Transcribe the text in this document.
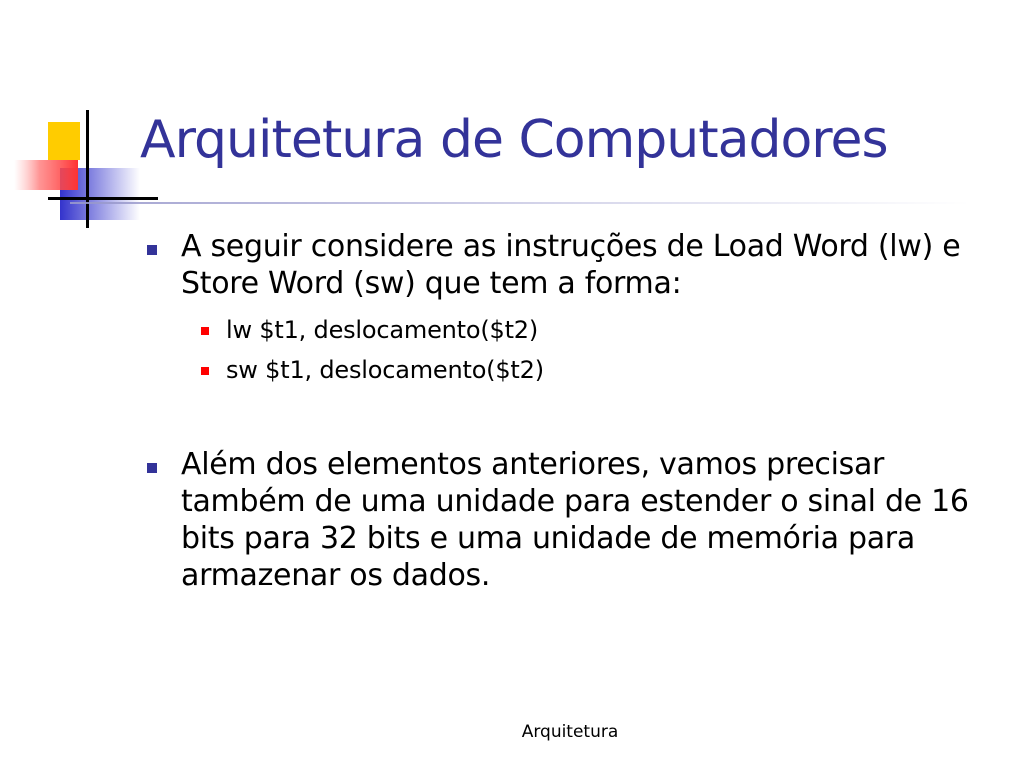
Arquitetura de Computadores
A seguir considere as instruções de Load Word (lw) e Store Word (sw) que tem a forma:
lw $t1, deslocamento($t2)
sw $t1, deslocamento($t2)
Além dos elementos anteriores, vamos precisar também de uma unidade para estender o sinal de 16 bits para 32 bits e uma unidade de memória para armazenar os dados.
Arquitetura
